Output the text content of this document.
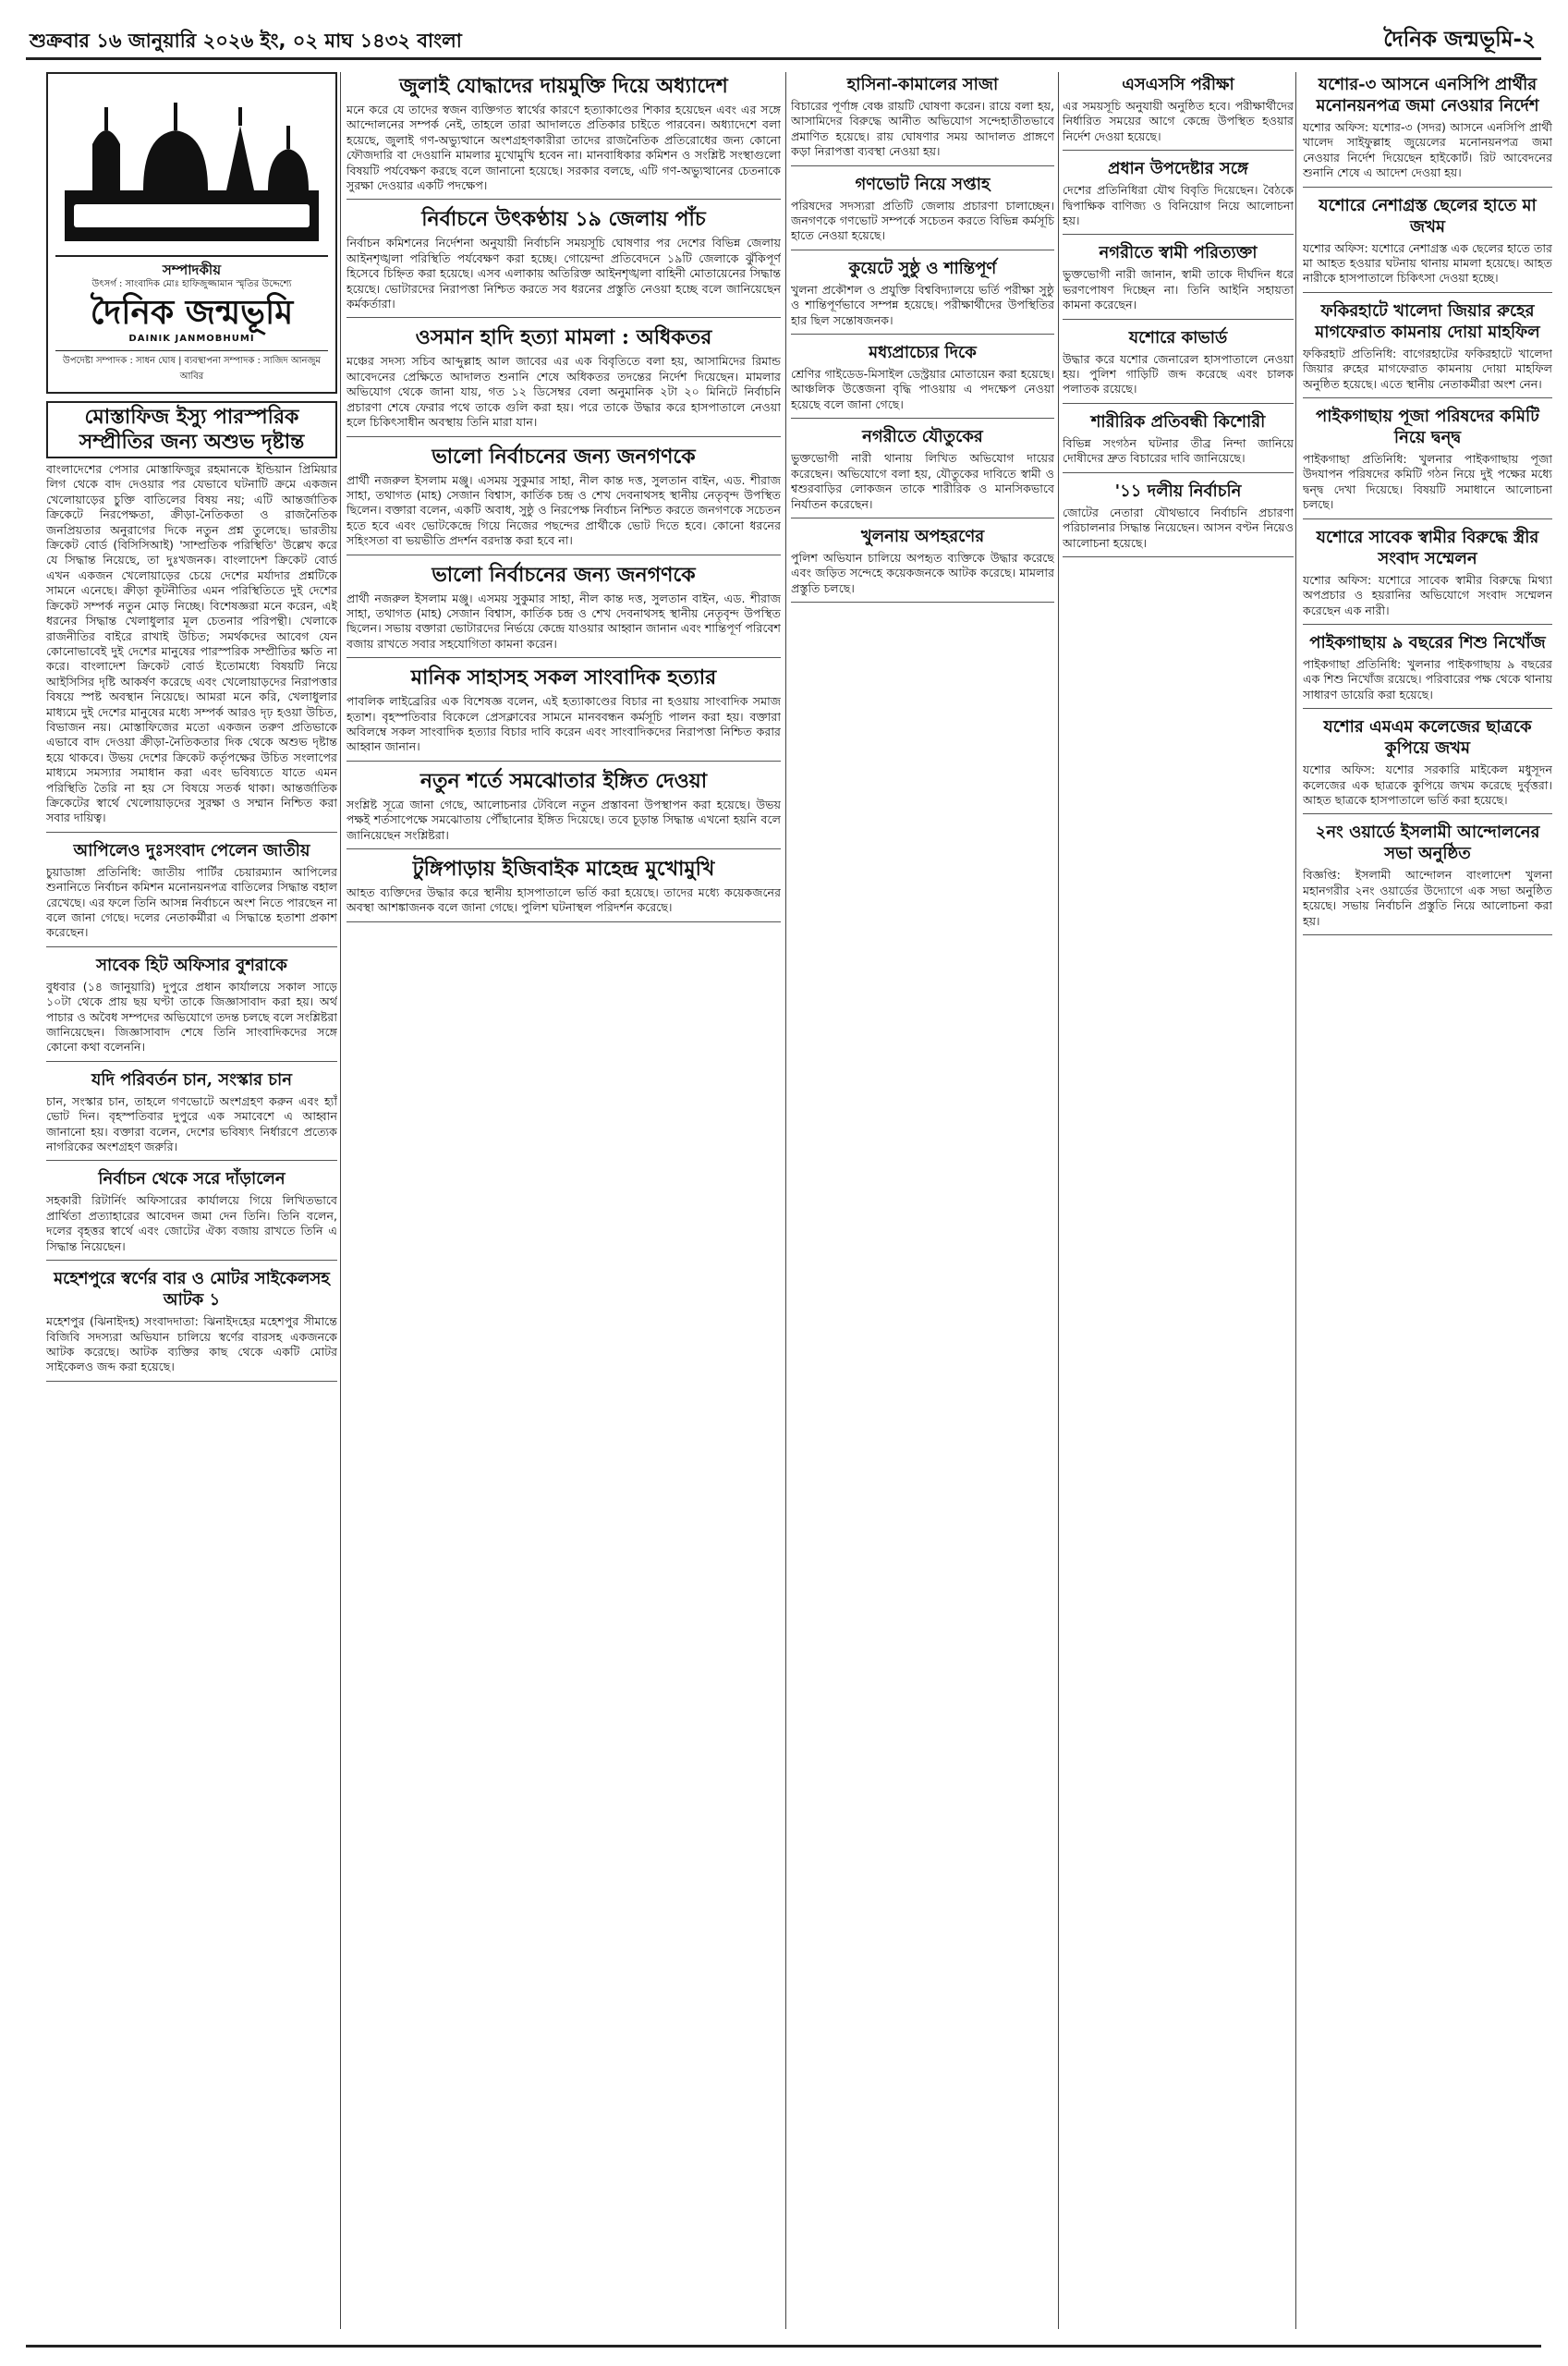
শুক্রবার ১৬ জানুয়ারি ২০২৬ ইং, ০২ মাঘ ১৪৩২ বাংলা	দৈনিক জন্মভূমি-২
সম্পাদকীয়
উৎসর্গ : সাংবাদিক মোঃ হাফিজুজ্জামান স্মৃতির উদ্দেশ্যে
দৈনিক জন্মভূমি
DAINIK JANMOBHUMI
উপদেষ্টা সম্পাদক : সাধন ঘোষ | ব্যবস্থাপনা সম্পাদক : সাজিদ আনজুম আবির
মোস্তাফিজ ইস্যু পারস্পরিক সম্প্রীতির জন্য অশুভ দৃষ্টান্ত
বাংলাদেশের পেসার মোস্তাফিজুর রহমানকে ইন্ডিয়ান প্রিমিয়ার লিগ থেকে বাদ দেওয়ার পর যেভাবে ঘটনাটি ক্রমে একজন খেলোয়াড়ের চুক্তি বাতিলের বিষয় নয়; এটি আন্তর্জাতিক ক্রিকেটে নিরপেক্ষতা, ক্রীড়া-নৈতিকতা ও রাজনৈতিক জনপ্রিয়তার অনুরাগের দিকে নতুন প্রশ্ন তুলেছে। ভারতীয় ক্রিকেট বোর্ড (বিসিসিআই) 'সাম্প্রতিক পরিস্থিতি' উল্লেখ করে যে সিদ্ধান্ত নিয়েছে, তা দুঃখজনক। বাংলাদেশ ক্রিকেট বোর্ড এখন একজন খেলোয়াড়ের চেয়ে দেশের মর্যাদার প্রশ্নটিকে সামনে এনেছে। ক্রীড়া কূটনীতির এমন পরিস্থিতিতে দুই দেশের ক্রিকেট সম্পর্ক নতুন মোড় নিচ্ছে। বিশেষজ্ঞরা মনে করেন, এই ধরনের সিদ্ধান্ত খেলাধুলার মূল চেতনার পরিপন্থী। খেলাকে রাজনীতির বাইরে রাখাই উচিত; সমর্থকদের আবেগ যেন কোনোভাবেই দুই দেশের মানুষের পারস্পরিক সম্প্রীতির ক্ষতি না করে। বাংলাদেশ ক্রিকেট বোর্ড ইতোমধ্যে বিষয়টি নিয়ে আইসিসির দৃষ্টি আকর্ষণ করেছে এবং খেলোয়াড়দের নিরাপত্তার বিষয়ে স্পষ্ট অবস্থান নিয়েছে। আমরা মনে করি, খেলাধুলার মাধ্যমে দুই দেশের মানুষের মধ্যে সম্পর্ক আরও দৃঢ় হওয়া উচিত, বিভাজন নয়। মোস্তাফিজের মতো একজন তরুণ প্রতিভাকে এভাবে বাদ দেওয়া ক্রীড়া-নৈতিকতার দিক থেকে অশুভ দৃষ্টান্ত হয়ে থাকবে। উভয় দেশের ক্রিকেট কর্তৃপক্ষের উচিত সংলাপের মাধ্যমে সমস্যার সমাধান করা এবং ভবিষ্যতে যাতে এমন পরিস্থিতি তৈরি না হয় সে বিষয়ে সতর্ক থাকা। আন্তর্জাতিক ক্রিকেটের স্বার্থে খেলোয়াড়দের সুরক্ষা ও সম্মান নিশ্চিত করা সবার দায়িত্ব।
আপিলেও দুঃসংবাদ পেলেন জাতীয়
চুয়াডাঙ্গা প্রতিনিধি: জাতীয় পার্টির চেয়ারম্যান আপিলের শুনানিতে নির্বাচন কমিশন মনোনয়নপত্র বাতিলের সিদ্ধান্ত বহাল রেখেছে। এর ফলে তিনি আসন্ন নির্বাচনে অংশ নিতে পারছেন না বলে জানা গেছে। দলের নেতাকর্মীরা এ সিদ্ধান্তে হতাশা প্রকাশ করেছেন।
সাবেক হিট অফিসার বুশরাকে
বুধবার (১৪ জানুয়ারি) দুপুরে প্রধান কার্যালয়ে সকাল সাড়ে ১০টা থেকে প্রায় ছয় ঘণ্টা তাকে জিজ্ঞাসাবাদ করা হয়। অর্থ পাচার ও অবৈধ সম্পদের অভিযোগে তদন্ত চলছে বলে সংশ্লিষ্টরা জানিয়েছেন। জিজ্ঞাসাবাদ শেষে তিনি সাংবাদিকদের সঙ্গে কোনো কথা বলেননি।
যদি পরিবর্তন চান, সংস্কার চান
চান, সংস্কার চান, তাহলে গণভোটে অংশগ্রহণ করুন এবং হ্যাঁ ভোট দিন। বৃহস্পতিবার দুপুরে এক সমাবেশে এ আহ্বান জানানো হয়। বক্তারা বলেন, দেশের ভবিষ্যৎ নির্ধারণে প্রত্যেক নাগরিকের অংশগ্রহণ জরুরি।
নির্বাচন থেকে সরে দাঁড়ালেন
সহকারী রিটার্নিং অফিসারের কার্যালয়ে গিয়ে লিখিতভাবে প্রার্থিতা প্রত্যাহারের আবেদন জমা দেন তিনি। তিনি বলেন, দলের বৃহত্তর স্বার্থে এবং জোটের ঐক্য বজায় রাখতে তিনি এ সিদ্ধান্ত নিয়েছেন।
মহেশপুরে স্বর্ণের বার ও মোটর সাইকেলসহ আটক ১
মহেশপুর (ঝিনাইদহ) সংবাদদাতা: ঝিনাইদহের মহেশপুর সীমান্তে বিজিবি সদস্যরা অভিযান চালিয়ে স্বর্ণের বারসহ একজনকে আটক করেছে। আটক ব্যক্তির কাছ থেকে একটি মোটর সাইকেলও জব্দ করা হয়েছে।
জুলাই যোদ্ধাদের দায়মুক্তি দিয়ে অধ্যাদেশ
মনে করে যে তাদের স্বজন ব্যক্তিগত স্বার্থের কারণে হত্যাকাণ্ডের শিকার হয়েছেন এবং এর সঙ্গে আন্দোলনের সম্পর্ক নেই, তাহলে তারা আদালতে প্রতিকার চাইতে পারবেন। অধ্যাদেশে বলা হয়েছে, জুলাই গণ-অভ্যুত্থানে অংশগ্রহণকারীরা তাদের রাজনৈতিক প্রতিরোধের জন্য কোনো ফৌজদারি বা দেওয়ানি মামলার মুখোমুখি হবেন না। মানবাধিকার কমিশন ও সংশ্লিষ্ট সংস্থাগুলো বিষয়টি পর্যবেক্ষণ করছে বলে জানানো হয়েছে। সরকার বলছে, এটি গণ-অভ্যুত্থানের চেতনাকে সুরক্ষা দেওয়ার একটি পদক্ষেপ।
নির্বাচনে উৎকণ্ঠায় ১৯ জেলায় পাঁচ
নির্বাচন কমিশনের নির্দেশনা অনুযায়ী নির্বাচনি সময়সূচি ঘোষণার পর দেশের বিভিন্ন জেলায় আইনশৃঙ্খলা পরিস্থিতি পর্যবেক্ষণ করা হচ্ছে। গোয়েন্দা প্রতিবেদনে ১৯টি জেলাকে ঝুঁকিপূর্ণ হিসেবে চিহ্নিত করা হয়েছে। এসব এলাকায় অতিরিক্ত আইনশৃঙ্খলা বাহিনী মোতায়েনের সিদ্ধান্ত হয়েছে। ভোটারদের নিরাপত্তা নিশ্চিত করতে সব ধরনের প্রস্তুতি নেওয়া হচ্ছে বলে জানিয়েছেন কর্মকর্তারা।
ওসমান হাদি হত্যা মামলা : অধিকতর
মঞ্চের সদস্য সচিব আব্দুল্লাহ আল জাবের এর এক বিবৃতিতে বলা হয়, আসামিদের রিমান্ড আবেদনের প্রেক্ষিতে আদালত শুনানি শেষে অধিকতর তদন্তের নির্দেশ দিয়েছেন। মামলার অভিযোগ থেকে জানা যায়, গত ১২ ডিসেম্বর বেলা অনুমানিক ২টা ২০ মিনিটে নির্বাচনি প্রচারণা শেষে ফেরার পথে তাকে গুলি করা হয়। পরে তাকে উদ্ধার করে হাসপাতালে নেওয়া হলে চিকিৎসাধীন অবস্থায় তিনি মারা যান।
ভালো নির্বাচনের জন্য জনগণকে
প্রার্থী নজরুল ইসলাম মঞ্জু। এসময় সুকুমার সাহা, নীল কান্ত দত্ত, সুলতান বাইন, এড. শীরাজ সাহা, তথাগত (মাহ) সেজান বিশ্বাস, কার্তিক চন্দ্র ও শেখ দেবনাথসহ স্থানীয় নেতৃবৃন্দ উপস্থিত ছিলেন। বক্তারা বলেন, একটি অবাধ, সুষ্ঠু ও নিরপেক্ষ নির্বাচন নিশ্চিত করতে জনগণকে সচেতন হতে হবে এবং ভোটকেন্দ্রে গিয়ে নিজের পছন্দের প্রার্থীকে ভোট দিতে হবে। কোনো ধরনের সহিংসতা বা ভয়ভীতি প্রদর্শন বরদাস্ত করা হবে না।
ভালো নির্বাচনের জন্য জনগণকে
প্রার্থী নজরুল ইসলাম মঞ্জু। এসময় সুকুমার সাহা, নীল কান্ত দত্ত, সুলতান বাইন, এড. শীরাজ সাহা, তথাগত (মাহ) সেজান বিশ্বাস, কার্তিক চন্দ্র ও শেখ দেবনাথসহ স্থানীয় নেতৃবৃন্দ উপস্থিত ছিলেন। সভায় বক্তারা ভোটারদের নির্ভয়ে কেন্দ্রে যাওয়ার আহ্বান জানান এবং শান্তিপূর্ণ পরিবেশ বজায় রাখতে সবার সহযোগিতা কামনা করেন।
মানিক সাহাসহ সকল সাংবাদিক হত্যার
পাবলিক লাইব্রেরির এক বিশেষজ্ঞ বলেন, এই হত্যাকাণ্ডের বিচার না হওয়ায় সাংবাদিক সমাজ হতাশ। বৃহস্পতিবার বিকেলে প্রেসক্লাবের সামনে মানববন্ধন কর্মসূচি পালন করা হয়। বক্তারা অবিলম্বে সকল সাংবাদিক হত্যার বিচার দাবি করেন এবং সাংবাদিকদের নিরাপত্তা নিশ্চিত করার আহ্বান জানান।
নতুন শর্তে সমঝোতার ইঙ্গিত দেওয়া
সংশ্লিষ্ট সূত্রে জানা গেছে, আলোচনার টেবিলে নতুন প্রস্তাবনা উপস্থাপন করা হয়েছে। উভয় পক্ষই শর্তসাপেক্ষে সমঝোতায় পৌঁছানোর ইঙ্গিত দিয়েছে। তবে চূড়ান্ত সিদ্ধান্ত এখনো হয়নি বলে জানিয়েছেন সংশ্লিষ্টরা।
টুঙ্গিপাড়ায় ইজিবাইক মাহেন্দ্র মুখোমুখি
আহত ব্যক্তিদের উদ্ধার করে স্থানীয় হাসপাতালে ভর্তি করা হয়েছে। তাদের মধ্যে কয়েকজনের অবস্থা আশঙ্কাজনক বলে জানা গেছে। পুলিশ ঘটনাস্থল পরিদর্শন করেছে।
হাসিনা-কামালের সাজা
বিচারের পূর্ণাঙ্গ বেঞ্চ রায়টি ঘোষণা করেন। রায়ে বলা হয়, আসামিদের বিরুদ্ধে আনীত অভিযোগ সন্দেহাতীতভাবে প্রমাণিত হয়েছে। রায় ঘোষণার সময় আদালত প্রাঙ্গণে কড়া নিরাপত্তা ব্যবস্থা নেওয়া হয়।
গণভোট নিয়ে সপ্তাহ
পরিষদের সদস্যরা প্রতিটি জেলায় প্রচারণা চালাচ্ছেন। জনগণকে গণভোট সম্পর্কে সচেতন করতে বিভিন্ন কর্মসূচি হাতে নেওয়া হয়েছে।
কুয়েটে সুষ্ঠু ও শান্তিপূর্ণ
খুলনা প্রকৌশল ও প্রযুক্তি বিশ্ববিদ্যালয়ে ভর্তি পরীক্ষা সুষ্ঠু ও শান্তিপূর্ণভাবে সম্পন্ন হয়েছে। পরীক্ষার্থীদের উপস্থিতির হার ছিল সন্তোষজনক।
মধ্যপ্রাচ্যের দিকে
শ্রেণির গাইডেড-মিসাইল ডেস্ট্রয়ার মোতায়েন করা হয়েছে। আঞ্চলিক উত্তেজনা বৃদ্ধি পাওয়ায় এ পদক্ষেপ নেওয়া হয়েছে বলে জানা গেছে।
নগরীতে যৌতুকের
ভুক্তভোগী নারী থানায় লিখিত অভিযোগ দায়ের করেছেন। অভিযোগে বলা হয়, যৌতুকের দাবিতে স্বামী ও শ্বশুরবাড়ির লোকজন তাকে শারীরিক ও মানসিকভাবে নির্যাতন করেছেন।
খুলনায় অপহরণের
পুলিশ অভিযান চালিয়ে অপহৃত ব্যক্তিকে উদ্ধার করেছে এবং জড়িত সন্দেহে কয়েকজনকে আটক করেছে। মামলার প্রস্তুতি চলছে।
এসএসসি পরীক্ষা
এর সময়সূচি অনুযায়ী অনুষ্ঠিত হবে। পরীক্ষার্থীদের নির্ধারিত সময়ের আগে কেন্দ্রে উপস্থিত হওয়ার নির্দেশ দেওয়া হয়েছে।
প্রধান উপদেষ্টার সঙ্গে
দেশের প্রতিনিধিরা যৌথ বিবৃতি দিয়েছেন। বৈঠকে দ্বিপাক্ষিক বাণিজ্য ও বিনিয়োগ নিয়ে আলোচনা হয়।
নগরীতে স্বামী পরিত্যক্তা
ভুক্তভোগী নারী জানান, স্বামী তাকে দীর্ঘদিন ধরে ভরণপোষণ দিচ্ছেন না। তিনি আইনি সহায়তা কামনা করেছেন।
যশোরে কাভার্ড
উদ্ধার করে যশোর জেনারেল হাসপাতালে নেওয়া হয়। পুলিশ গাড়িটি জব্দ করেছে এবং চালক পলাতক রয়েছে।
শারীরিক প্রতিবন্ধী কিশোরী
বিভিন্ন সংগঠন ঘটনার তীব্র নিন্দা জানিয়ে দোষীদের দ্রুত বিচারের দাবি জানিয়েছে।
'১১ দলীয় নির্বাচনি
জোটের নেতারা যৌথভাবে নির্বাচনি প্রচারণা পরিচালনার সিদ্ধান্ত নিয়েছেন। আসন বণ্টন নিয়েও আলোচনা হয়েছে।
যশোর-৩ আসনে এনসিপি প্রার্থীর মনোনয়নপত্র জমা নেওয়ার নির্দেশ
যশোর অফিস: যশোর-৩ (সদর) আসনে এনসিপি প্রার্থী খালেদ সাইফুল্লাহ জুয়েলের মনোনয়নপত্র জমা নেওয়ার নির্দেশ দিয়েছেন হাইকোর্ট। রিট আবেদনের শুনানি শেষে এ আদেশ দেওয়া হয়।
যশোরে নেশাগ্রস্ত ছেলের হাতে মা জখম
যশোর অফিস: যশোরে নেশাগ্রস্ত এক ছেলের হাতে তার মা আহত হওয়ার ঘটনায় থানায় মামলা হয়েছে। আহত নারীকে হাসপাতালে চিকিৎসা দেওয়া হচ্ছে।
ফকিরহাটে খালেদা জিয়ার রুহের মাগফেরাত কামনায় দোয়া মাহফিল
ফকিরহাট প্রতিনিধি: বাগেরহাটের ফকিরহাটে খালেদা জিয়ার রুহের মাগফেরাত কামনায় দোয়া মাহফিল অনুষ্ঠিত হয়েছে। এতে স্থানীয় নেতাকর্মীরা অংশ নেন।
পাইকগাছায় পূজা পরিষদের কমিটি নিয়ে দ্বন্দ্ব
পাইকগাছা প্রতিনিধি: খুলনার পাইকগাছায় পূজা উদযাপন পরিষদের কমিটি গঠন নিয়ে দুই পক্ষের মধ্যে দ্বন্দ্ব দেখা দিয়েছে। বিষয়টি সমাধানে আলোচনা চলছে।
যশোরে সাবেক স্বামীর বিরুদ্ধে স্ত্রীর সংবাদ সম্মেলন
যশোর অফিস: যশোরে সাবেক স্বামীর বিরুদ্ধে মিথ্যা অপপ্রচার ও হয়রানির অভিযোগে সংবাদ সম্মেলন করেছেন এক নারী।
পাইকগাছায় ৯ বছরের শিশু নিখোঁজ
পাইকগাছা প্রতিনিধি: খুলনার পাইকগাছায় ৯ বছরের এক শিশু নিখোঁজ রয়েছে। পরিবারের পক্ষ থেকে থানায় সাধারণ ডায়েরি করা হয়েছে।
যশোর এমএম কলেজের ছাত্রকে কুপিয়ে জখম
যশোর অফিস: যশোর সরকারি মাইকেল মধুসূদন কলেজের এক ছাত্রকে কুপিয়ে জখম করেছে দুর্বৃত্তরা। আহত ছাত্রকে হাসপাতালে ভর্তি করা হয়েছে।
২নং ওয়ার্ডে ইসলামী আন্দোলনের সভা অনুষ্ঠিত
বিজ্ঞপ্তি: ইসলামী আন্দোলন বাংলাদেশ খুলনা মহানগরীর ২নং ওয়ার্ডের উদ্যোগে এক সভা অনুষ্ঠিত হয়েছে। সভায় নির্বাচনি প্রস্তুতি নিয়ে আলোচনা করা হয়।
